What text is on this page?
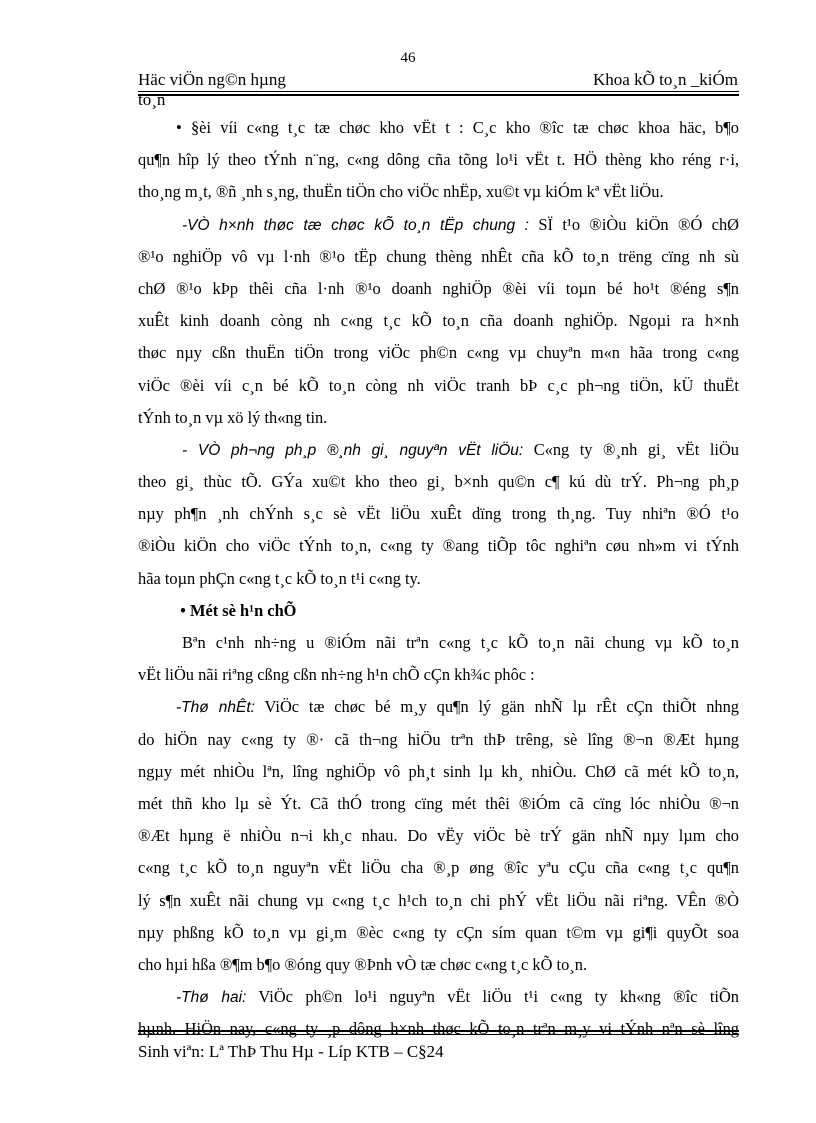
46
Häc viÖn ng©n hµng	Khoa kÕ to¸n _kiÓm
to¸n
• §èi víi c«ng t¸c tæ chøc kho vËt t : C¸c kho ®îc tæ chøc khoa häc, b¶o
qu¶n hîp lý theo tÝnh n¨ng, c«ng dông cña tõng lo¹i vËt t. HÖ thèng kho réng r·i,
tho¸ng m¸t, ®ñ ¸nh s¸ng, thuËn tiÖn cho viÖc nhËp, xu©t vµ kiÓm kª vËt liÖu.
-VÒ h×nh thøc tæ chøc kÕ to¸n tËp chung : SÏ t¹o ®iÒu kiÖn ®Ó chØ
®¹o nghiÖp vô vµ l·nh ®¹o tËp chung thèng nhÊt cña kÕ to¸n trëng cïng nh sù
chØ ®¹o kÞp thêi cña l·nh ®¹o doanh nghiÖp ®èi víi toµn bé ho¹t ®éng s¶n
xuÊt kinh doanh còng nh c«ng t¸c kÕ to¸n cña doanh nghiÖp. Ngoµi ra h×nh
thøc nµy cßn thuËn tiÖn trong viÖc ph©n c«ng vµ chuyªn m«n hãa trong c«ng
viÖc ®èi víi c¸n bé kÕ to¸n còng nh viÖc tranh bÞ c¸c ph¬ng tiÖn, kÜ thuËt
tÝnh to¸n vµ xö lý th«ng tin.
- VÒ ph¬ng ph¸p ®¸nh gi¸ nguyªn vËt liÖu: C«ng ty ®¸nh gi¸ vËt liÖu
theo gi¸ thùc tÕ. GÝa xu©t kho theo gi¸ b×nh qu©n c¶ kú dù trÝ. Ph¬ng ph¸p
nµy ph¶n ¸nh chÝnh s¸c sè vËt liÖu xuÊt dïng trong th¸ng. Tuy nhiªn ®Ó t¹o
®iÒu kiÖn cho viÖc tÝnh to¸n, c«ng ty ®ang tiÕp tôc nghiªn cøu nh»m vi tÝnh
hãa toµn phÇn c«ng t¸c kÕ to¸n t¹i c«ng ty.
• Mét sè h¹n chÕ
Bªn c¹nh nh÷ng u ®iÓm nãi trªn c«ng t¸c kÕ to¸n nãi chung vµ kÕ to¸n
vËt liÖu nãi riªng cßng cßn nh÷ng h¹n chÕ cÇn kh¾c phôc :
-Thø nhÊt: ViÖc tæ chøc bé m¸y qu¶n lý gän nhÑ lµ rÊt cÇn thiÕt nhng
do hiÖn nay c«ng ty ®· cã th¬ng hiÖu trªn thÞ trêng, sè lîng ®¬n ®Æt hµng
ngµy mét nhiÒu lªn, lîng nghiÖp vô ph¸t sinh lµ kh¸ nhiÒu. ChØ cã mét kÕ to¸n,
mét thñ kho lµ sè Ýt. Cã thÓ trong cïng mét thêi ®iÓm cã cïng lóc nhiÒu ®¬n
®Æt hµng ë nhiÒu n¬i kh¸c nhau. Do vËy viÖc bè trÝ gän nhÑ nµy lµm cho
c«ng t¸c kÕ to¸n nguyªn vËt liÖu cha ®¸p øng ®îc yªu cÇu cña c«ng t¸c qu¶n
lý s¶n xuÊt nãi chung vµ c«ng t¸c h¹ch to¸n chi phÝ vËt liÖu nãi riªng. VÊn ®Ò
nµy phßng kÕ to¸n vµ gi¸m ®èc c«ng ty cÇn sím quan t©m vµ gi¶i quyÕt soa
cho hµi hßa ®¶m b¶o ®óng quy ®Þnh vÒ tæ chøc c«ng t¸c kÕ to¸n.
-Thø hai: ViÖc ph©n lo¹i nguyªn vËt liÖu t¹i c«ng ty kh«ng ®îc tiÕn
hµnh. HiÖn nay, c«ng ty ¸p dông h×nh thøc kÕ to¸n trªn m¸y vi tÝnh nªn sè lîng
Sinh viªn: Lª ThÞ Thu Hµ - Líp KTB – C§24
